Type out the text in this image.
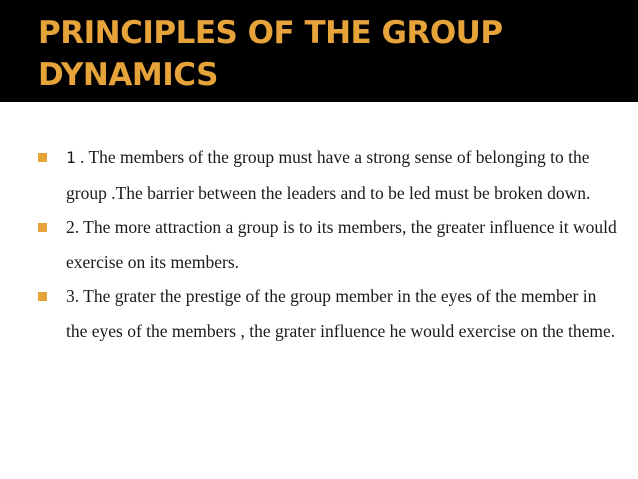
PRINCIPLES OF THE GROUP
DYNAMICS
1 . The members of the group must have a strong sense of belonging to the group .The barrier between the leaders and to be led must be broken down.
2. The more attraction a group is to its members, the greater influence it would exercise on its members.
3. The grater the prestige of the group member in the eyes of the member in the eyes of the members , the grater influence he would exercise on the theme.
